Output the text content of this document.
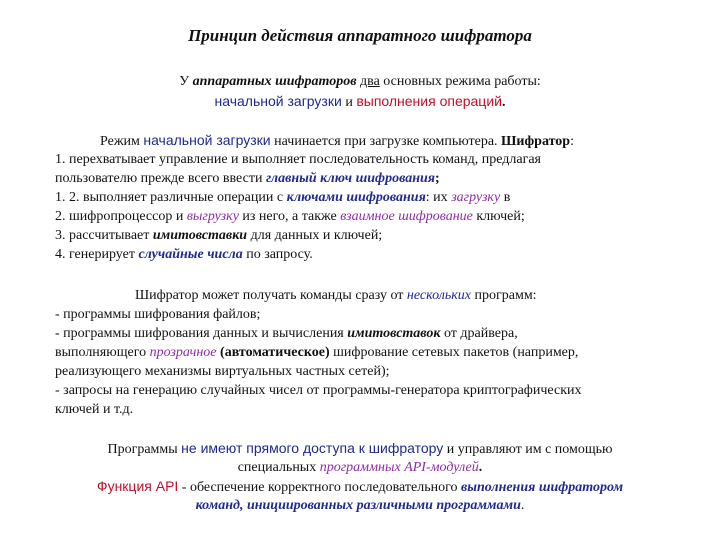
Принцип действия аппаратного шифратора
У аппаратных шифраторов два основных режима работы:
начальной загрузки и выполнения операций.
Режим начальной загрузки начинается при загрузке компьютера. Шифратор:
1. перехватывает управление и выполняет последовательность команд, предлагая
пользователю прежде всего ввести главный ключ шифрования;
1. 2. выполняет различные операции с ключами шифрования: их загрузку в
2. шифропроцессор и выгрузку из него, а также взаимное шифрование ключей;
3. рассчитывает имитовставки для данных и ключей;
4. генерирует случайные числа по запросу.
Шифратор может получать команды сразу от нескольких программ:
- программы шифрования файлов;
- программы шифрования данных и вычисления имитовставок от драйвера,
выполняющего прозрачное (автоматическое) шифрование сетевых пакетов (например,
реализующего механизмы виртуальных частных сетей);
- запросы на генерацию случайных чисел от программы-генератора криптографических
ключей и т.д.
Программы не имеют прямого доступа к шифратору и управляют им с помощью
специальных программных API-модулей.
Функция API - обеспечение корректного последовательного выполнения шифратором
команд, инициированных различными программами.
